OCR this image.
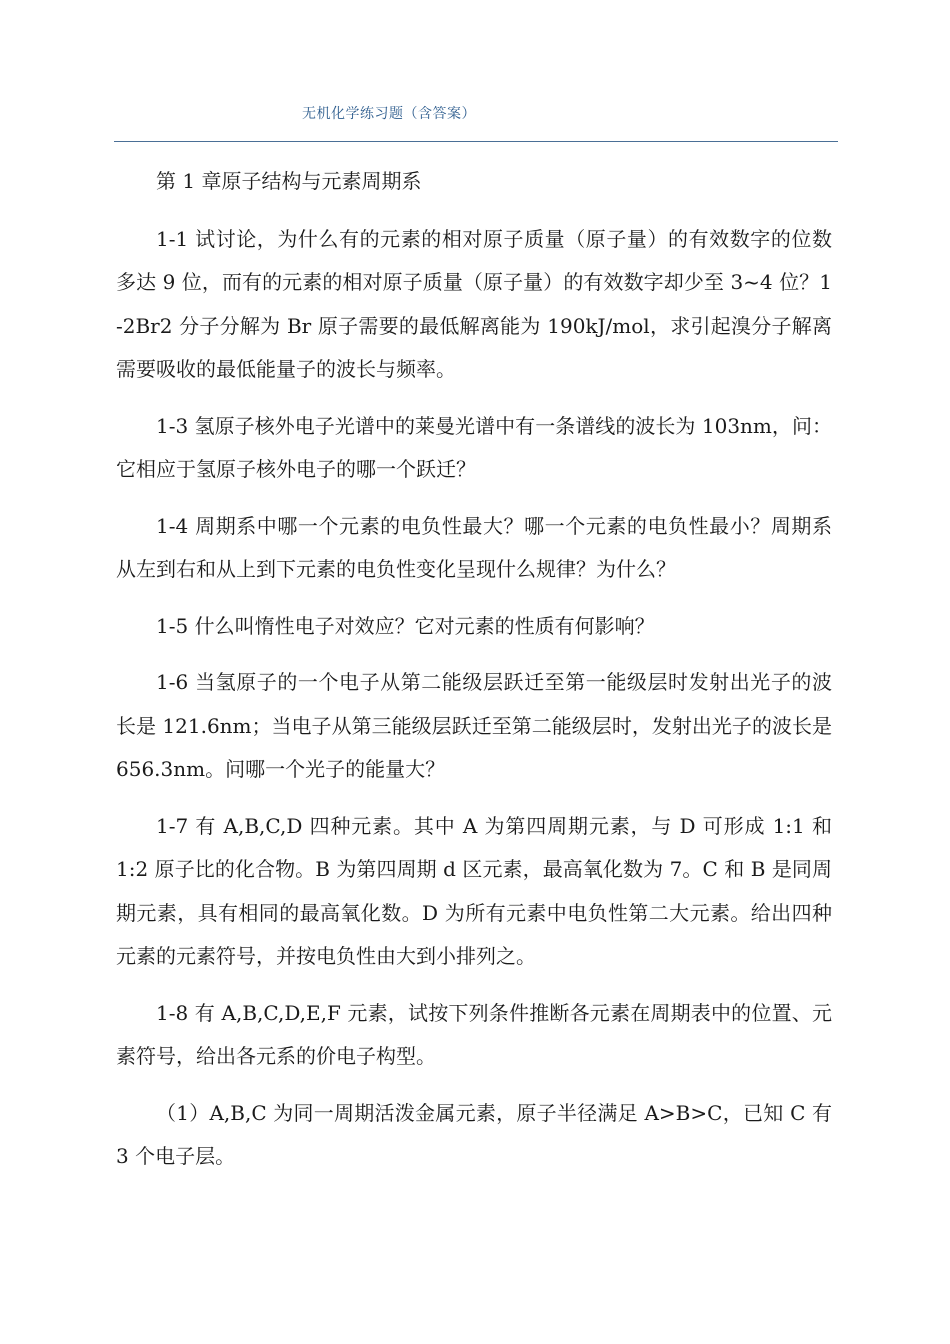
无机化学练习题（含答案）

第 1 章原子结构与元素周期系

1-1 试讨论，为什么有的元素的相对原子质量（原子量）的有效数字的位数多达 9 位，而有的元素的相对原子质量（原子量）的有效数字却少至 3~4 位？1-2Br2 分子分解为 Br 原子需要的最低解离能为 190kJ/mol，求引起溴分子解离需要吸收的最低能量子的波长与频率。

1-3 氢原子核外电子光谱中的莱曼光谱中有一条谱线的波长为 103nm，问：它相应于氢原子核外电子的哪一个跃迁？

1-4 周期系中哪一个元素的电负性最大？哪一个元素的电负性最小？周期系从左到右和从上到下元素的电负性变化呈现什么规律？为什么？

1-5 什么叫惰性电子对效应？它对元素的性质有何影响？

1-6 当氢原子的一个电子从第二能级层跃迁至第一能级层时发射出光子的波长是 121.6nm；当电子从第三能级层跃迁至第二能级层时，发射出光子的波长是 656.3nm。问哪一个光子的能量大？

1-7 有 A,B,C,D 四种元素。其中 A 为第四周期元素，与 D 可形成 1:1 和 1:2 原子比的化合物。B 为第四周期 d 区元素，最高氧化数为 7。C 和 B 是同周期元素，具有相同的最高氧化数。D 为所有元素中电负性第二大元素。给出四种元素的元素符号，并按电负性由大到小排列之。

1-8 有 A,B,C,D,E,F 元素，试按下列条件推断各元素在周期表中的位置、元素符号，给出各元系的价电子构型。

（1）A,B,C 为同一周期活泼金属元素，原子半径满足 A>B>C，已知 C 有 3 个电子层。
